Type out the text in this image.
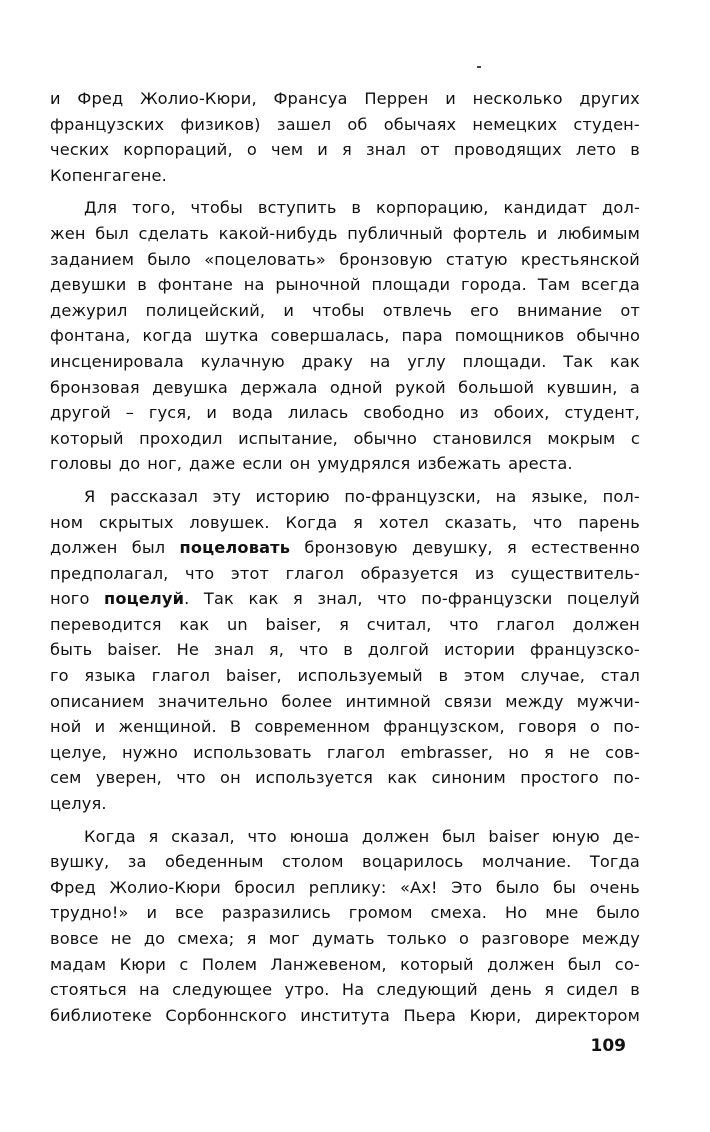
и Фред Жолио-Кюри, Франсуа Перрен и несколько других
французских физиков) зашел об обычаях немецких студен-
ческих корпораций, о чем и я знал от проводящих лето в
Копенгагене.
Для того, чтобы вступить в корпорацию, кандидат дол-
жен был сделать какой-нибудь публичный фортель и любимым
заданием было «поцеловать» бронзовую статую крестьянской
девушки в фонтане на рыночной площади города. Там всегда
дежурил полицейский, и чтобы отвлечь его внимание от
фонтана, когда шутка совершалась, пара помощников обычно
инсценировала кулачную драку на углу площади. Так как
бронзовая девушка держала одной рукой большой кувшин, а
другой – гуся, и вода лилась свободно из обоих, студент,
который проходил испытание, обычно становился мокрым с
головы до ног, даже если он умудрялся избежать ареста.
Я рассказал эту историю по-французски, на языке, пол-
ном скрытых ловушек. Когда я хотел сказать, что парень
должен был поцеловать бронзовую девушку, я естественно
предполагал, что этот глагол образуется из существитель-
ного поцелуй. Так как я знал, что по-французски поцелуй
переводится как un baiser, я считал, что глагол должен
быть baiser. Не знал я, что в долгой истории французско-
го языка глагол baiser, используемый в этом случае, стал
описанием значительно более интимной связи между мужчи-
ной и женщиной. В современном французском, говоря о по-
целуе, нужно использовать глагол embrasser, но я не сов-
сем уверен, что он используется как синоним простого по-
целуя.
Когда я сказал, что юноша должен был baiser юную де-
вушку, за обеденным столом воцарилось молчание. Тогда
Фред Жолио-Кюри бросил реплику: «Ах! Это было бы очень
трудно!» и все разразились громом смеха. Но мне было
вовсе не до смеха; я мог думать только о разговоре между
мадам Кюри с Полем Ланжевеном, который должен был со-
стояться на следующее утро. На следующий день я сидел в
библиотеке Сорбоннского института Пьера Кюри, директором
109
